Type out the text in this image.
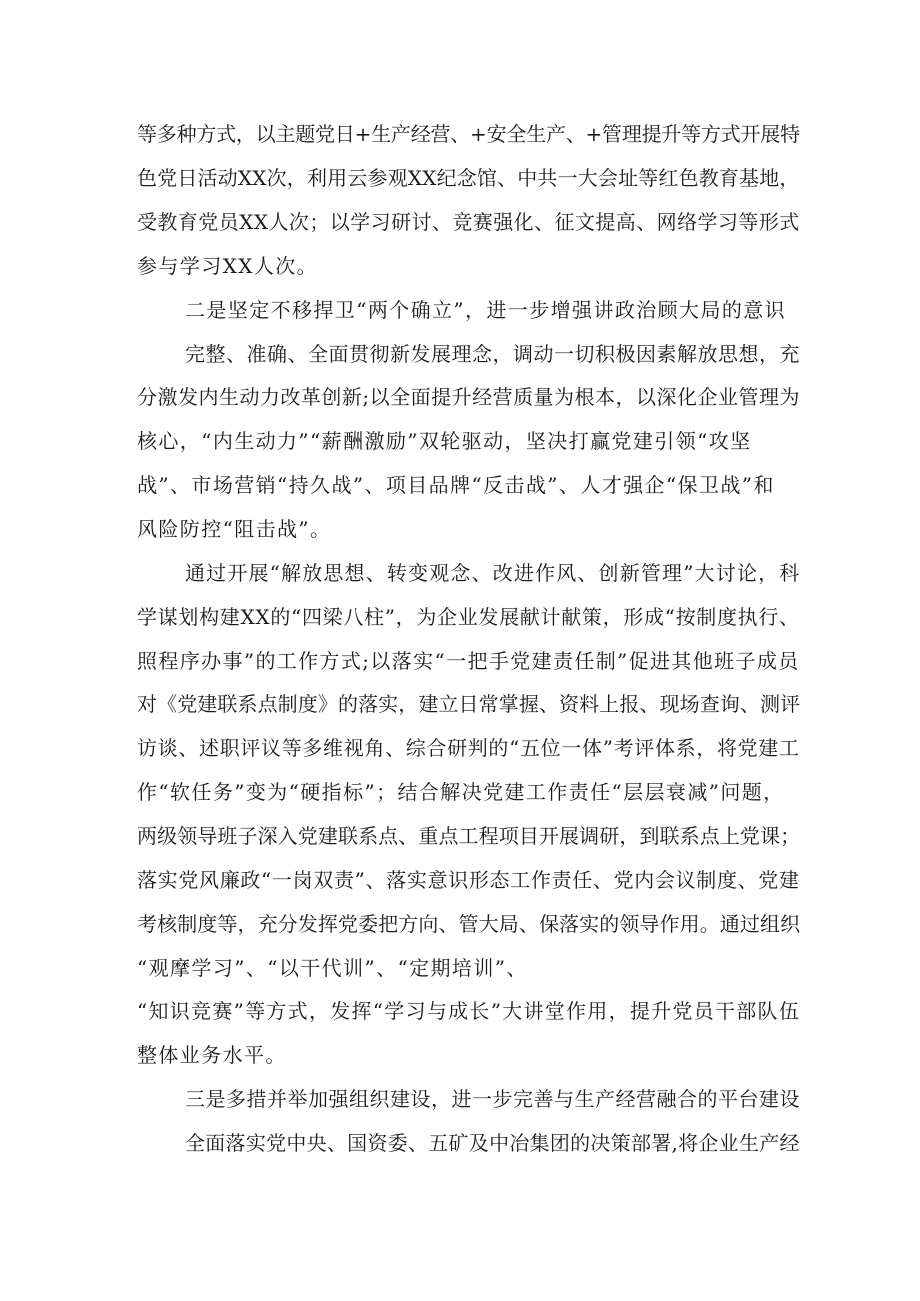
等多种方式，以主题党日+生产经营、+安全生产、+管理提升等方式开展特
色党日活动XX次，利用云参观XX纪念馆、中共一大会址等红色教育基地，
受教育党员XX人次；以学习研讨、竞赛强化、征文提高、网络学习等形式
参与学习XX人次。
二是坚定不移捍卫“两个确立”，进一步增强讲政治顾大局的意识
完整、准确、全面贯彻新发展理念，调动一切积极因素解放思想，充
分激发内生动力改革创新;以全面提升经营质量为根本，以深化企业管理为
核心，“内生动力”“薪酬激励”双轮驱动，坚决打赢党建引领“攻坚
战”、市场营销“持久战”、项目品牌“反击战”、人才强企“保卫战”和
风险防控“阻击战”。
通过开展“解放思想、转变观念、改进作风、创新管理”大讨论，科
学谋划构建XX的“四梁八柱”，为企业发展献计献策，形成“按制度执行、
照程序办事”的工作方式;以落实“一把手党建责任制”促进其他班子成员
对《党建联系点制度》的落实，建立日常掌握、资料上报、现场查询、测评
访谈、述职评议等多维视角、综合研判的“五位一体”考评体系，将党建工
作“软任务”变为“硬指标”；结合解决党建工作责任“层层衰减”问题，
两级领导班子深入党建联系点、重点工程项目开展调研，到联系点上党课；
落实党风廉政“一岗双责”、落实意识形态工作责任、党内会议制度、党建
考核制度等，充分发挥党委把方向、管大局、保落实的领导作用。通过组织
“观摩学习”、“以干代训”、“定期培训”、
“知识竞赛”等方式，发挥“学习与成长”大讲堂作用，提升党员干部队伍
整体业务水平。
三是多措并举加强组织建设，进一步完善与生产经营融合的平台建设
全面落实党中央、国资委、五矿及中冶集团的决策部署,将企业生产经
